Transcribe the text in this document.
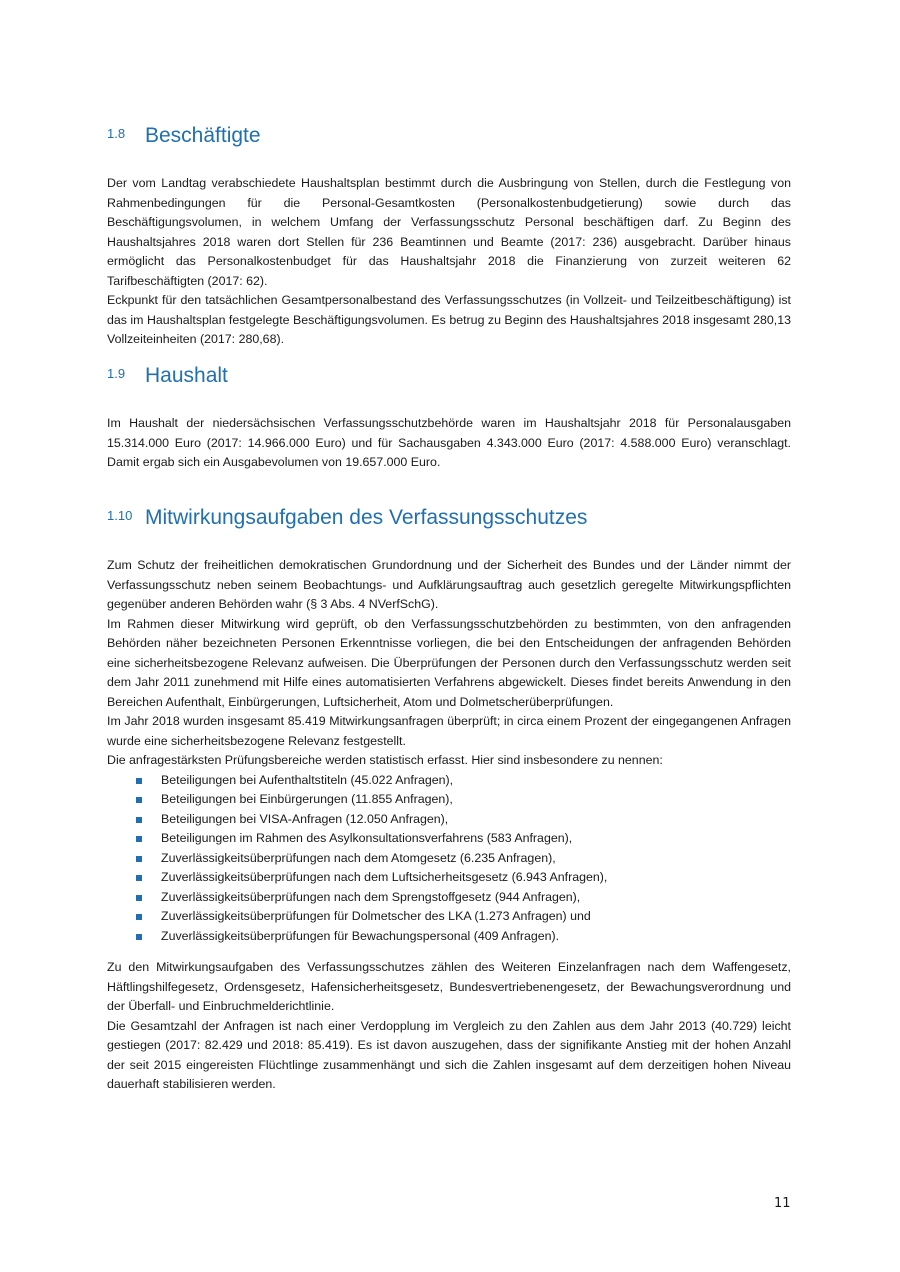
1.8 Beschäftigte

Der vom Landtag verabschiedete Haushaltsplan bestimmt durch die Ausbringung von Stellen, durch die Festlegung von Rahmenbedingungen für die Personal-Gesamtkosten (Personalkostenbudgetierung) sowie durch das Beschäftigungsvolumen, in welchem Umfang der Verfassungsschutz Personal beschäftigen darf. Zu Beginn des Haushaltsjahres 2018 waren dort Stellen für 236 Beamtinnen und Beamte (2017: 236) ausgebracht. Darüber hinaus ermöglicht das Personalkostenbudget für das Haushaltsjahr 2018 die Finanzierung von zurzeit weiteren 62 Tarifbeschäftigten (2017: 62).

Eckpunkt für den tatsächlichen Gesamtpersonalbestand des Verfassungsschutzes (in Vollzeit- und Teilzeitbeschäftigung) ist das im Haushaltsplan festgelegte Beschäftigungsvolumen. Es betrug zu Beginn des Haushaltsjahres 2018 insgesamt 280,13 Vollzeiteinheiten (2017: 280,68).

1.9 Haushalt

Im Haushalt der niedersächsischen Verfassungsschutzbehörde waren im Haushaltsjahr 2018 für Personalausgaben 15.314.000 Euro (2017: 14.966.000 Euro) und für Sachausgaben 4.343.000 Euro (2017: 4.588.000 Euro) veranschlagt. Damit ergab sich ein Ausgabevolumen von 19.657.000 Euro.

1.10 Mitwirkungsaufgaben des Verfassungsschutzes

Zum Schutz der freiheitlichen demokratischen Grundordnung und der Sicherheit des Bundes und der Länder nimmt der Verfassungsschutz neben seinem Beobachtungs- und Aufklärungsauftrag auch gesetzlich geregelte Mitwirkungspflichten gegenüber anderen Behörden wahr (§ 3 Abs. 4 NVerfSchG).

Im Rahmen dieser Mitwirkung wird geprüft, ob den Verfassungsschutzbehörden zu bestimmten, von den anfragenden Behörden näher bezeichneten Personen Erkenntnisse vorliegen, die bei den Entscheidungen der anfragenden Behörden eine sicherheitsbezogene Relevanz aufweisen. Die Überprüfungen der Personen durch den Verfassungsschutz werden seit dem Jahr 2011 zunehmend mit Hilfe eines automatisierten Verfahrens abgewickelt. Dieses findet bereits Anwendung in den Bereichen Aufenthalt, Einbürgerungen, Luftsicherheit, Atom und Dolmetscherüberprüfungen.

Im Jahr 2018 wurden insgesamt 85.419 Mitwirkungsanfragen überprüft; in circa einem Prozent der eingegangenen Anfragen wurde eine sicherheitsbezogene Relevanz festgestellt.

Die anfragestärksten Prüfungsbereiche werden statistisch erfasst. Hier sind insbesondere zu nennen:

Beteiligungen bei Aufenthaltstiteln (45.022 Anfragen),
Beteiligungen bei Einbürgerungen (11.855 Anfragen),
Beteiligungen bei VISA-Anfragen (12.050 Anfragen),
Beteiligungen im Rahmen des Asylkonsultationsverfahrens (583 Anfragen),
Zuverlässigkeitsüberprüfungen nach dem Atomgesetz (6.235 Anfragen),
Zuverlässigkeitsüberprüfungen nach dem Luftsicherheitsgesetz (6.943 Anfragen),
Zuverlässigkeitsüberprüfungen nach dem Sprengstoffgesetz (944 Anfragen),
Zuverlässigkeitsüberprüfungen für Dolmetscher des LKA (1.273 Anfragen) und
Zuverlässigkeitsüberprüfungen für Bewachungspersonal (409 Anfragen).

Zu den Mitwirkungsaufgaben des Verfassungsschutzes zählen des Weiteren Einzelanfragen nach dem Waffengesetz, Häftlingshilfegesetz, Ordensgesetz, Hafensicherheitsgesetz, Bundesvertriebenengesetz, der Bewachungsverordnung und der Überfall- und Einbruchmelderichtlinie.

Die Gesamtzahl der Anfragen ist nach einer Verdopplung im Vergleich zu den Zahlen aus dem Jahr 2013 (40.729) leicht gestiegen (2017: 82.429 und 2018: 85.419). Es ist davon auszugehen, dass der signifikante Anstieg mit der hohen Anzahl der seit 2015 eingereisten Flüchtlinge zusammenhängt und sich die Zahlen insgesamt auf dem derzeitigen hohen Niveau dauerhaft stabilisieren werden.

11
